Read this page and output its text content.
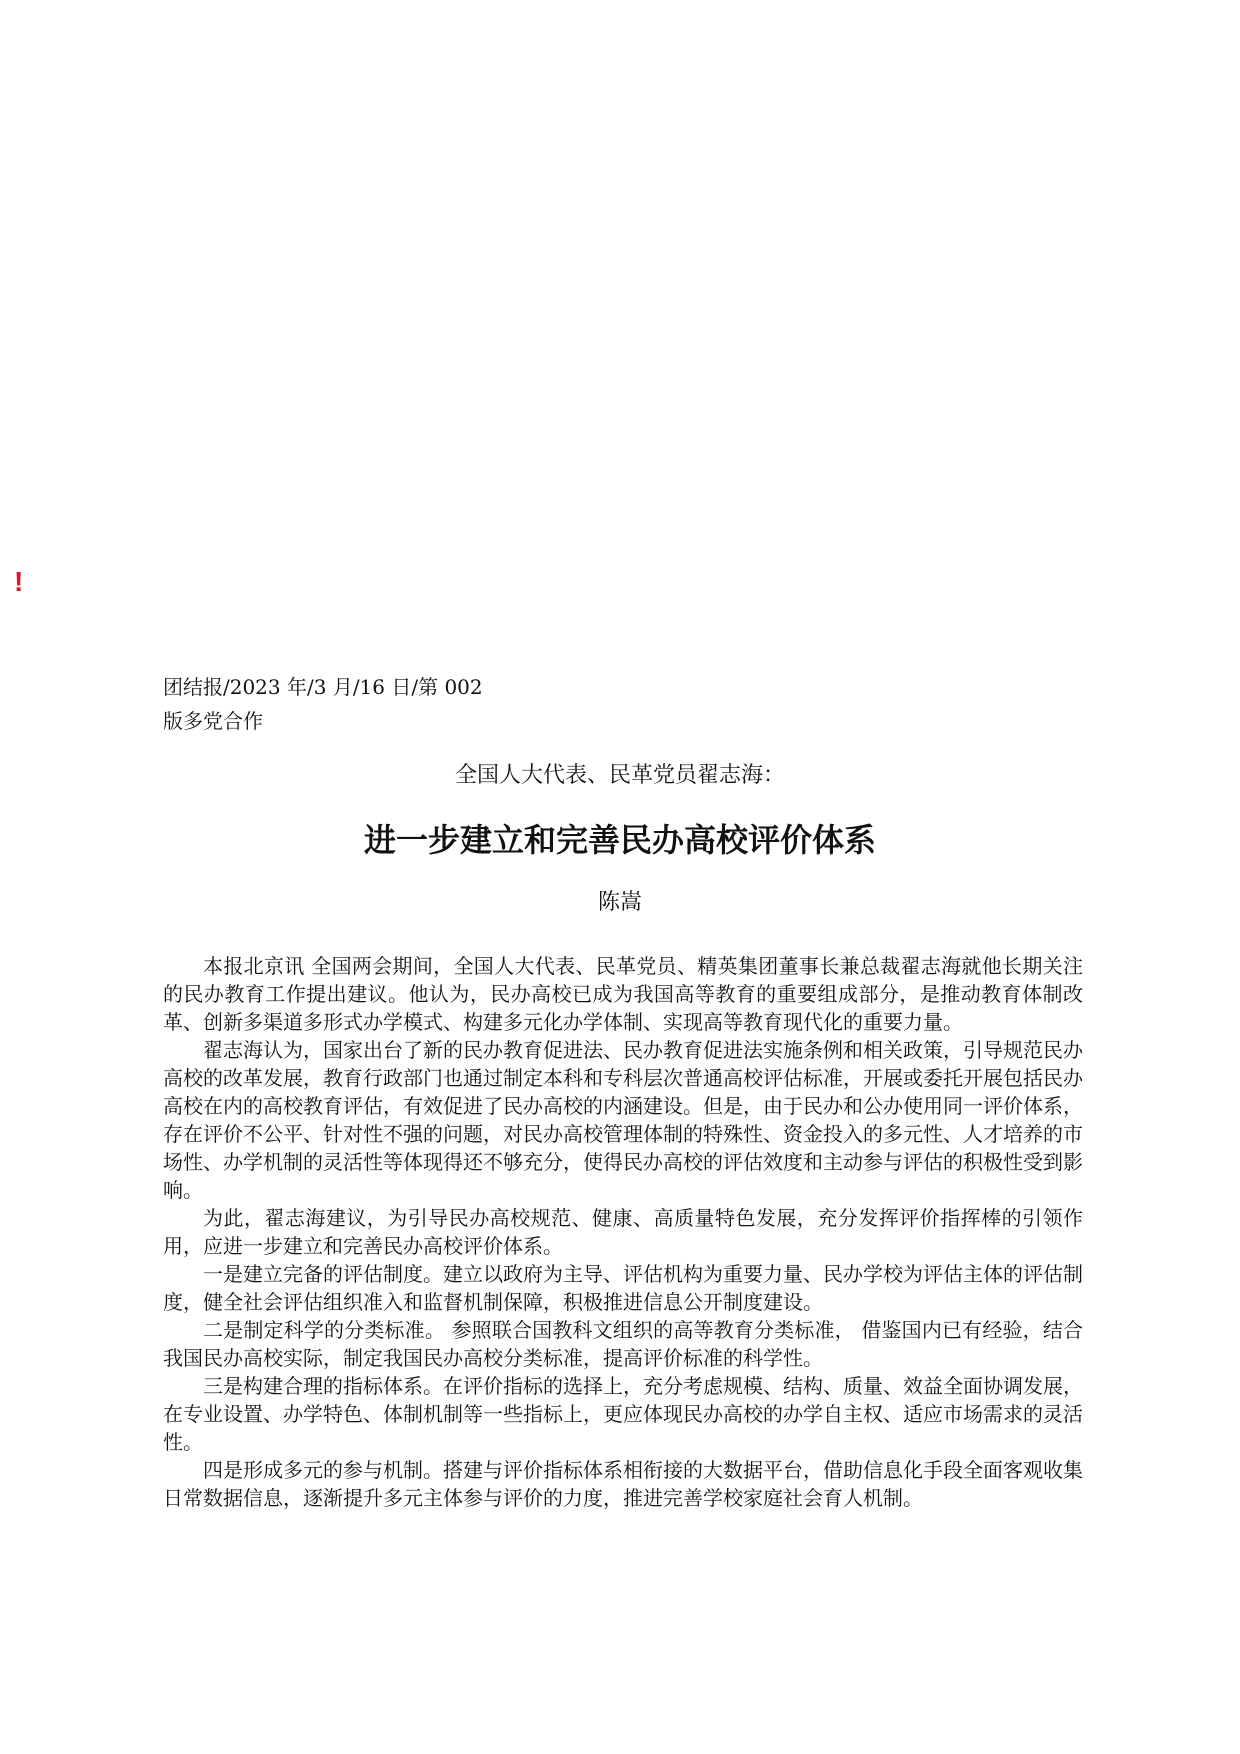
!
团结报/2023 年/3 月/16 日/第 002 版多党合作
全国人大代表、民革党员翟志海：
进一步建立和完善民办高校评价体系
陈嵩

本报北京讯 全国两会期间，全国人大代表、民革党员、精英集团董事长兼总裁翟志海就他长期关注的民办教育工作提出建议。他认为，民办高校已成为我国高等教育的重要组成部分，是推动教育体制改革、创新多渠道多形式办学模式、构建多元化办学体制、实现高等教育现代化的重要力量。

翟志海认为，国家出台了新的民办教育促进法、民办教育促进法实施条例和相关政策，引导规范民办高校的改革发展，教育行政部门也通过制定本科和专科层次普通高校评估标准，开展或委托开展包括民办高校在内的高校教育评估，有效促进了民办高校的内涵建设。但是，由于民办和公办使用同一评价体系，存在评价不公平、针对性不强的问题，对民办高校管理体制的特殊性、资金投入的多元性、人才培养的市场性、办学机制的灵活性等体现得还不够充分，使得民办高校的评估效度和主动参与评估的积极性受到影响。

为此，翟志海建议，为引导民办高校规范、健康、高质量特色发展，充分发挥评价指挥棒的引领作用，应进一步建立和完善民办高校评价体系。

一是建立完备的评估制度。建立以政府为主导、评估机构为重要力量、民办学校为评估主体的评估制度，健全社会评估组织准入和监督机制保障，积极推进信息公开制度建设。

二是制定科学的分类标准。 参照联合国教科文组织的高等教育分类标准， 借鉴国内已有经验，结合我国民办高校实际，制定我国民办高校分类标准，提高评价标准的科学性。

三是构建合理的指标体系。在评价指标的选择上，充分考虑规模、结构、质量、效益全面协调发展，在专业设置、办学特色、体制机制等一些指标上，更应体现民办高校的办学自主权、适应市场需求的灵活性。

四是形成多元的参与机制。搭建与评价指标体系相衔接的大数据平台，借助信息化手段全面客观收集日常数据信息，逐渐提升多元主体参与评价的力度，推进完善学校家庭社会育人机制。
